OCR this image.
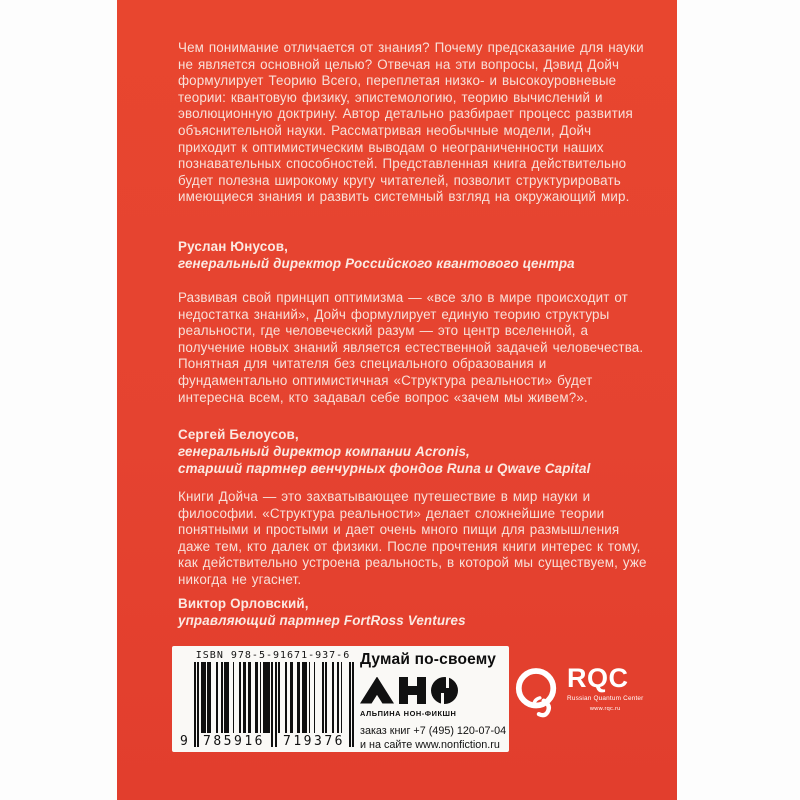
Чем понимание отличается от знания? Почему предсказание для науки не является основной целью? Отвечая на эти вопросы, Дэвид Дойч формулирует Теорию Всего, переплетая низко- и высокоуровневые теории: квантовую физику, эпистемологию, теорию вычислений и эволюционную доктрину. Автор детально разбирает процесс развития объяснительной науки. Рассматривая необычные модели, Дойч приходит к оптимистическим выводам о неограниченности наших познавательных способностей. Представленная книга действительно будет полезна широкому кругу читателей, позволит структурировать имеющиеся знания и развить системный взгляд на окружающий мир.
Руслан Юнусов,
генеральный директор Российского квантового центра
Развивая свой принцип оптимизма — «все зло в мире происходит от недостатка знаний», Дойч формулирует единую теорию структуры реальности, где человеческий разум — это центр вселенной, а получение новых знаний является естественной задачей человечества. Понятная для читателя без специального образования и фундаментально оптимистичная «Структура реальности» будет интересна всем, кто задавал себе вопрос «зачем мы живем?».
Сергей Белоусов,
генеральный директор компании Acronis,
старший партнер венчурных фондов Runa и Qwave Capital
Книги Дойча — это захватывающее путешествие в мир науки и философии. «Структура реальности» делает сложнейшие теории понятными и простыми и дает очень много пищи для размышления даже тем, кто далек от физики. После прочтения книги интерес к тому, как действительно устроена реальность, в которой мы существуем, уже никогда не угаснет.
Виктор Орловский,
управляющий партнер FortRoss Ventures
ISBN 978-5-91671-937-6
9	785916	719376
Думай по-своему
АЛЬПИНА НОН-ФИКШН
заказ книг +7 (495) 120-07-04
и на сайте www.nonfiction.ru
RQC
Russian Quantum Center
www.rqc.ru
